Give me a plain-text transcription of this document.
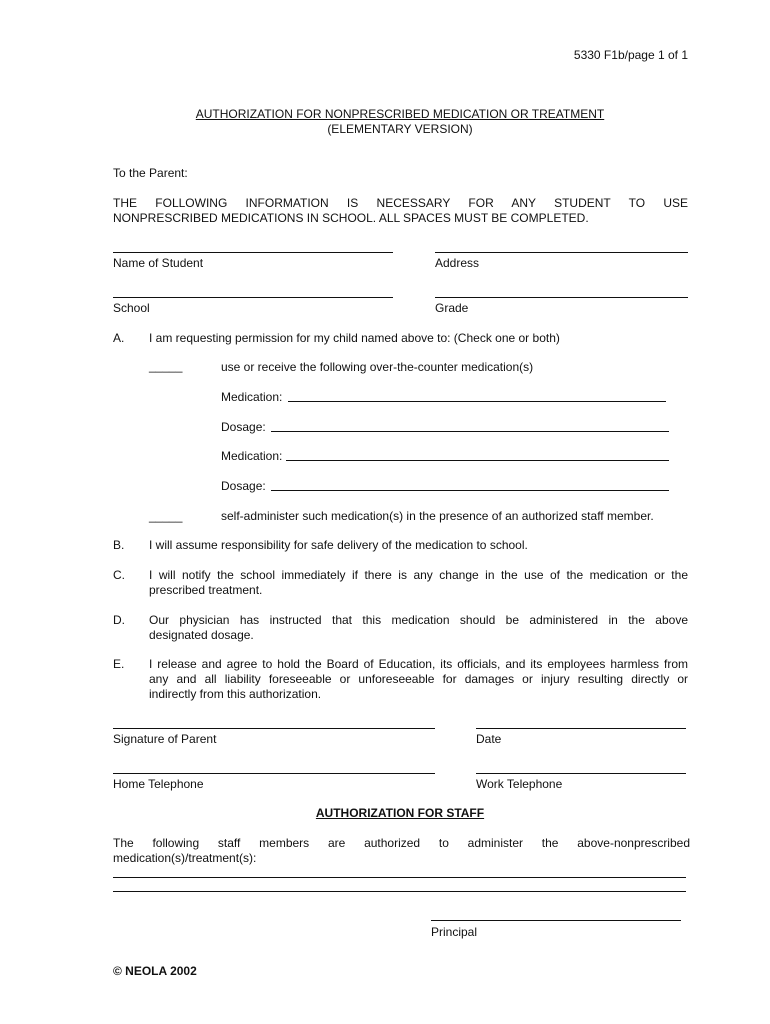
5330 F1b/page 1 of 1
AUTHORIZATION FOR NONPRESCRIBED MEDICATION OR TREATMENT
(ELEMENTARY VERSION)
To the Parent:
THE FOLLOWING INFORMATION IS NECESSARY FOR ANY STUDENT TO USE
NONPRESCRIBED MEDICATIONS IN SCHOOL. ALL SPACES MUST BE COMPLETED.
Name of Student	Address
School	Grade
A. I am requesting permission for my child named above to: (Check one or both)
_____	use or receive the following over-the-counter medication(s)
Medication:
Dosage:
Medication:
Dosage:
_____	self-administer such medication(s) in the presence of an authorized staff member.
B. I will assume responsibility for safe delivery of the medication to school.
C. I will notify the school immediately if there is any change in the use of the medication or the
prescribed treatment.
D. Our physician has instructed that this medication should be administered in the above
designated dosage.
E. I release and agree to hold the Board of Education, its officials, and its employees harmless from
any and all liability foreseeable or unforeseeable for damages or injury resulting directly or
indirectly from this authorization.
Signature of Parent	Date
Home Telephone	Work Telephone
AUTHORIZATION FOR STAFF
The following staff members are authorized to administer the above-nonprescribed
medication(s)/treatment(s):
Principal
© NEOLA 2002
